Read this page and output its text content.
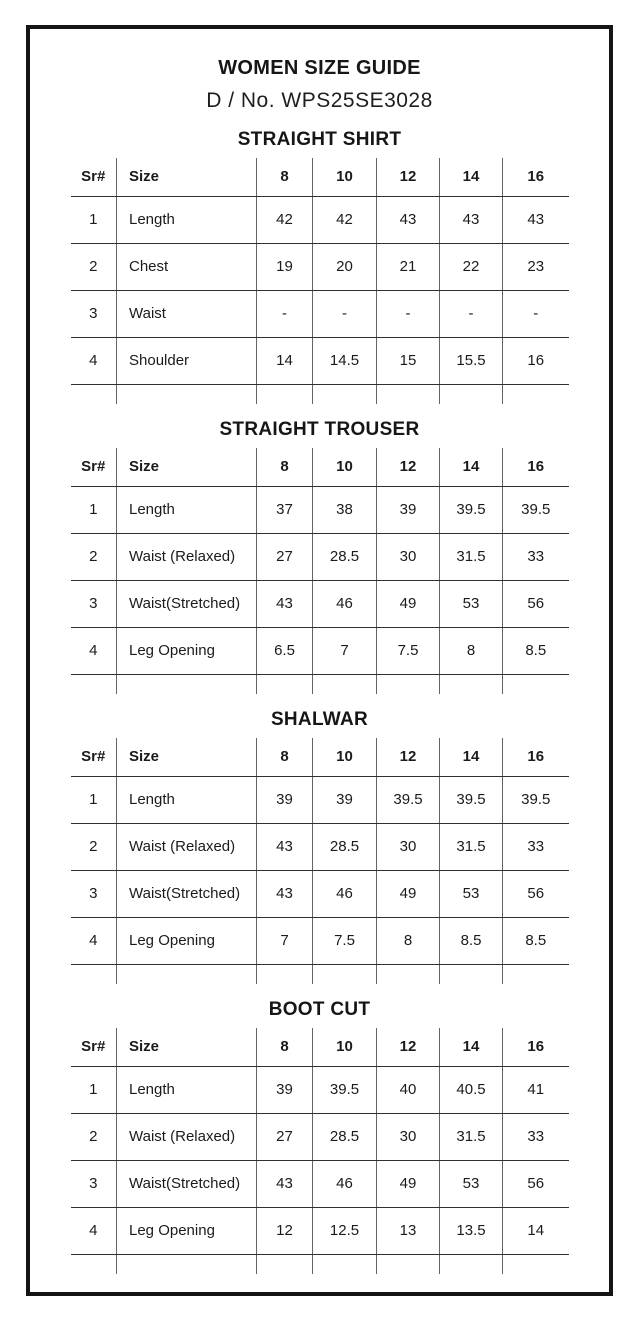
WOMEN SIZE GUIDE

D / No. WPS25SE3028

STRAIGHT SHIRT
Sr#	Size	8	10	12	14	16
1	Length	42	42	43	43	43
2	Chest	19	20	21	22	23
3	Waist	-	-	-	-	-
4	Shoulder	14	14.5	15	15.5	16

STRAIGHT TROUSER
Sr#	Size	8	10	12	14	16
1	Length	37	38	39	39.5	39.5
2	Waist (Relaxed)	27	28.5	30	31.5	33
3	Waist(Stretched)	43	46	49	53	56
4	Leg Opening	6.5	7	7.5	8	8.5

SHALWAR
Sr#	Size	8	10	12	14	16
1	Length	39	39	39.5	39.5	39.5
2	Waist (Relaxed)	43	28.5	30	31.5	33
3	Waist(Stretched)	43	46	49	53	56
4	Leg Opening	7	7.5	8	8.5	8.5

BOOT CUT
Sr#	Size	8	10	12	14	16
1	Length	39	39.5	40	40.5	41
2	Waist (Relaxed)	27	28.5	30	31.5	33
3	Waist(Stretched)	43	46	49	53	56
4	Leg Opening	12	12.5	13	13.5	14
